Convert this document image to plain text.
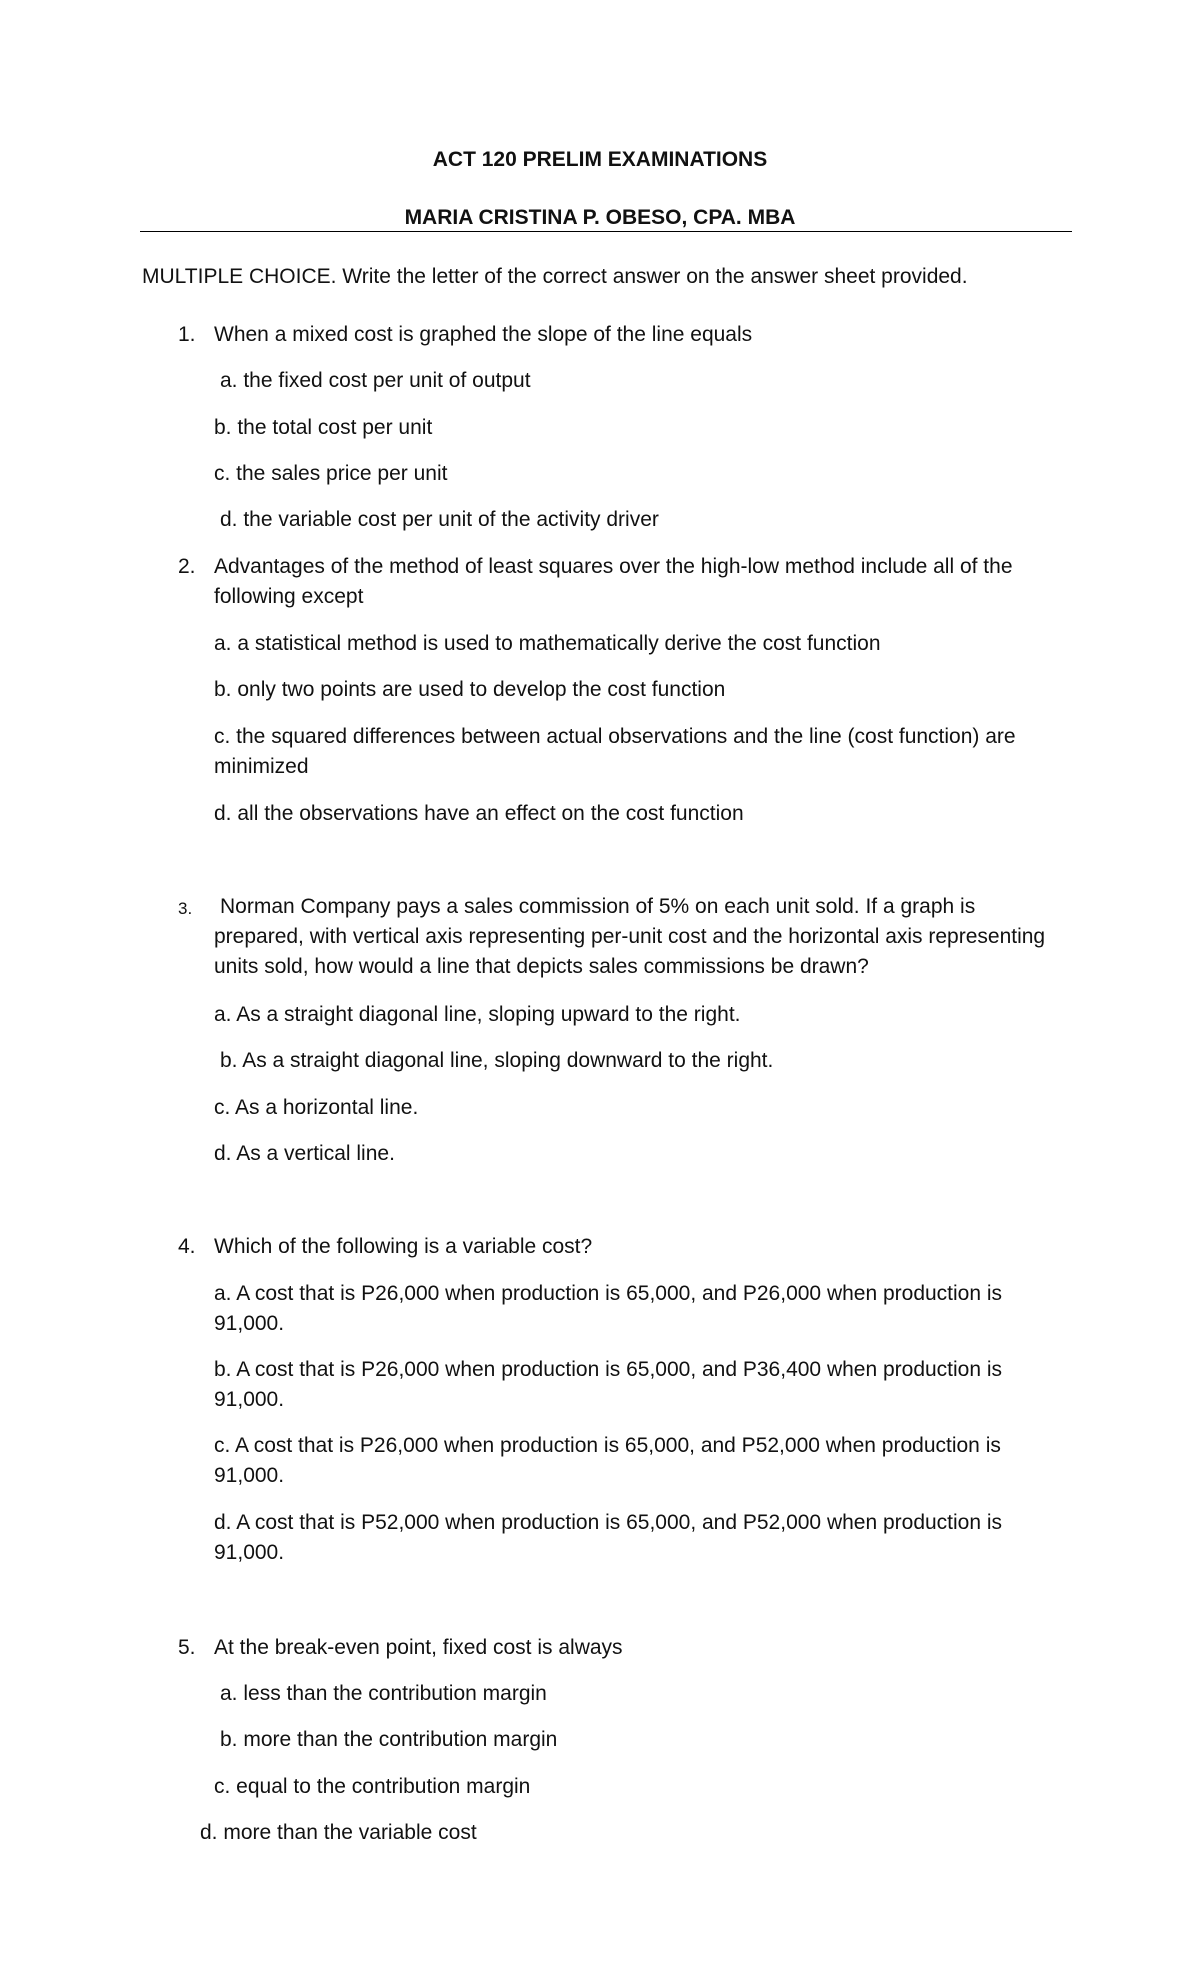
ACT 120 PRELIM EXAMINATIONS

MARIA CRISTINA P. OBESO, CPA. MBA

MULTIPLE CHOICE. Write the letter of the correct answer on the answer sheet provided.

1. When a mixed cost is graphed the slope of the line equals

a. the fixed cost per unit of output

b. the total cost per unit

c. the sales price per unit

d. the variable cost per unit of the activity driver

2. Advantages of the method of least squares over the high-low method include all of the following except

a. a statistical method is used to mathematically derive the cost function

b. only two points are used to develop the cost function

c. the squared differences between actual observations and the line (cost function) are minimized

d. all the observations have an effect on the cost function

3. Norman Company pays a sales commission of 5% on each unit sold. If a graph is prepared, with vertical axis representing per-unit cost and the horizontal axis representing units sold, how would a line that depicts sales commissions be drawn?

a. As a straight diagonal line, sloping upward to the right.

b. As a straight diagonal line, sloping downward to the right.

c. As a horizontal line.

d. As a vertical line.

4. Which of the following is a variable cost?

a. A cost that is P26,000 when production is 65,000, and P26,000 when production is 91,000.

b. A cost that is P26,000 when production is 65,000, and P36,400 when production is 91,000.

c. A cost that is P26,000 when production is 65,000, and P52,000 when production is 91,000.

d. A cost that is P52,000 when production is 65,000, and P52,000 when production is 91,000.

5. At the break-even point, fixed cost is always

a. less than the contribution margin

b. more than the contribution margin

c. equal to the contribution margin

d. more than the variable cost
